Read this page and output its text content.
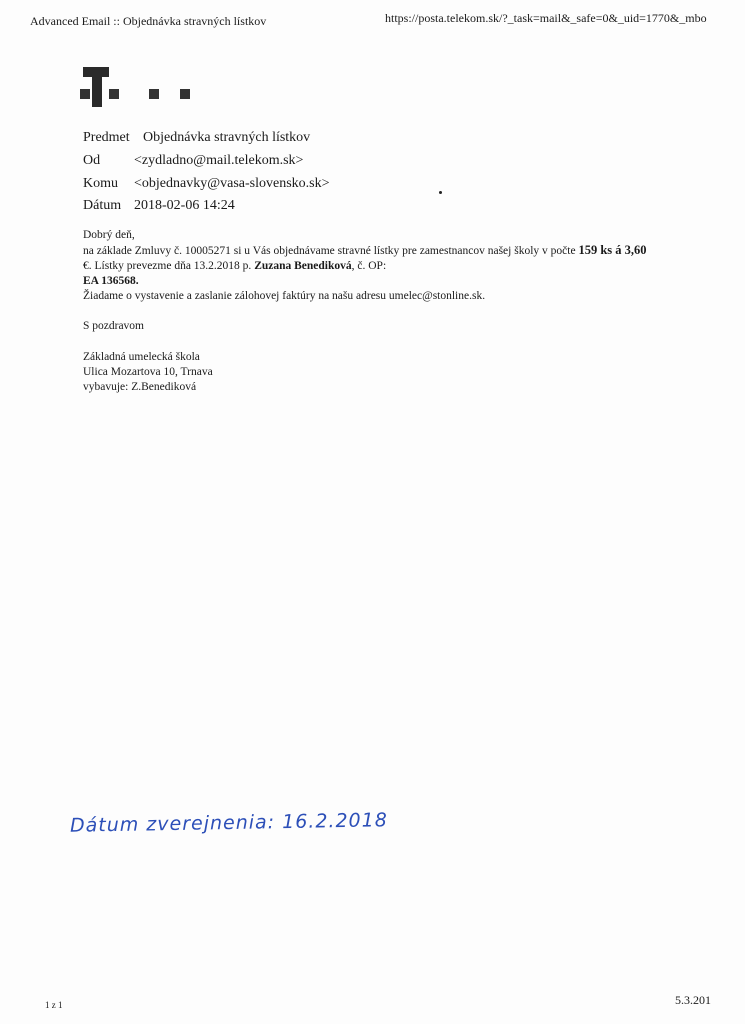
Advanced Email :: Objednávka stravných lístkov	https://posta.telekom.sk/?_task=mail&_safe=0&_uid=1770&_mbo
Predmet Objednávka stravných lístkov
Od <zydladno@mail.telekom.sk>
Komu <objednavky@vasa-slovensko.sk>
Dátum 2018-02-06 14:24
Dobrý deň,
na základe Zmluvy č. 10005271 si u Vás objednávame stravné lístky pre zamestnancov našej školy v počte 159 ks á 3,60
€. Lístky prevezme dňa 13.2.2018 p. Zuzana Benediková, č. OP:
EA 136568.
Žiadame o vystavenie a zaslanie zálohovej faktúry na našu adresu umelec@stonline.sk.
S pozdravom
Základná umelecká škola
Ulica Mozartova 10, Trnava
vybavuje: Z.Benediková
Dátum zverejnenia: 16.2.2018
1 z 1	5.3.201
